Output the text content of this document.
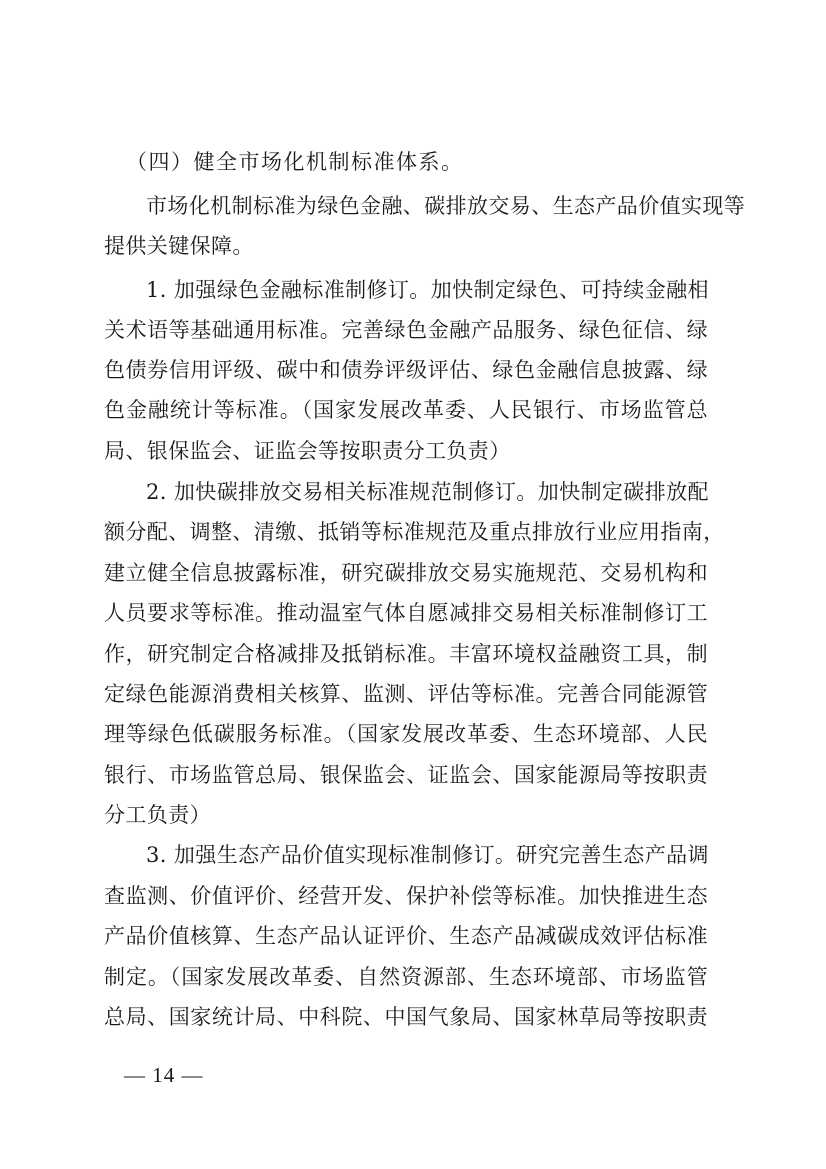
（四）健全市场化机制标准体系。
市场化机制标准为绿色金融、碳排放交易、生态产品价值实现等
提供关键保障。
1. 加强绿色金融标准制修订。加快制定绿色、可持续金融相
关术语等基础通用标准。完善绿色金融产品服务、绿色征信、绿
色债券信用评级、碳中和债券评级评估、绿色金融信息披露、绿
色金融统计等标准。（国家发展改革委、人民银行、市场监管总
局、银保监会、证监会等按职责分工负责）
2. 加快碳排放交易相关标准规范制修订。加快制定碳排放配
额分配、调整、清缴、抵销等标准规范及重点排放行业应用指南，
建立健全信息披露标准，研究碳排放交易实施规范、交易机构和
人员要求等标准。推动温室气体自愿减排交易相关标准制修订工
作，研究制定合格减排及抵销标准。丰富环境权益融资工具，制
定绿色能源消费相关核算、监测、评估等标准。完善合同能源管
理等绿色低碳服务标准。（国家发展改革委、生态环境部、人民
银行、市场监管总局、银保监会、证监会、国家能源局等按职责
分工负责）
3. 加强生态产品价值实现标准制修订。研究完善生态产品调
查监测、价值评价、经营开发、保护补偿等标准。加快推进生态
产品价值核算、生态产品认证评价、生态产品减碳成效评估标准
制定。（国家发展改革委、自然资源部、生态环境部、市场监管
总局、国家统计局、中科院、中国气象局、国家林草局等按职责
— 14 —
